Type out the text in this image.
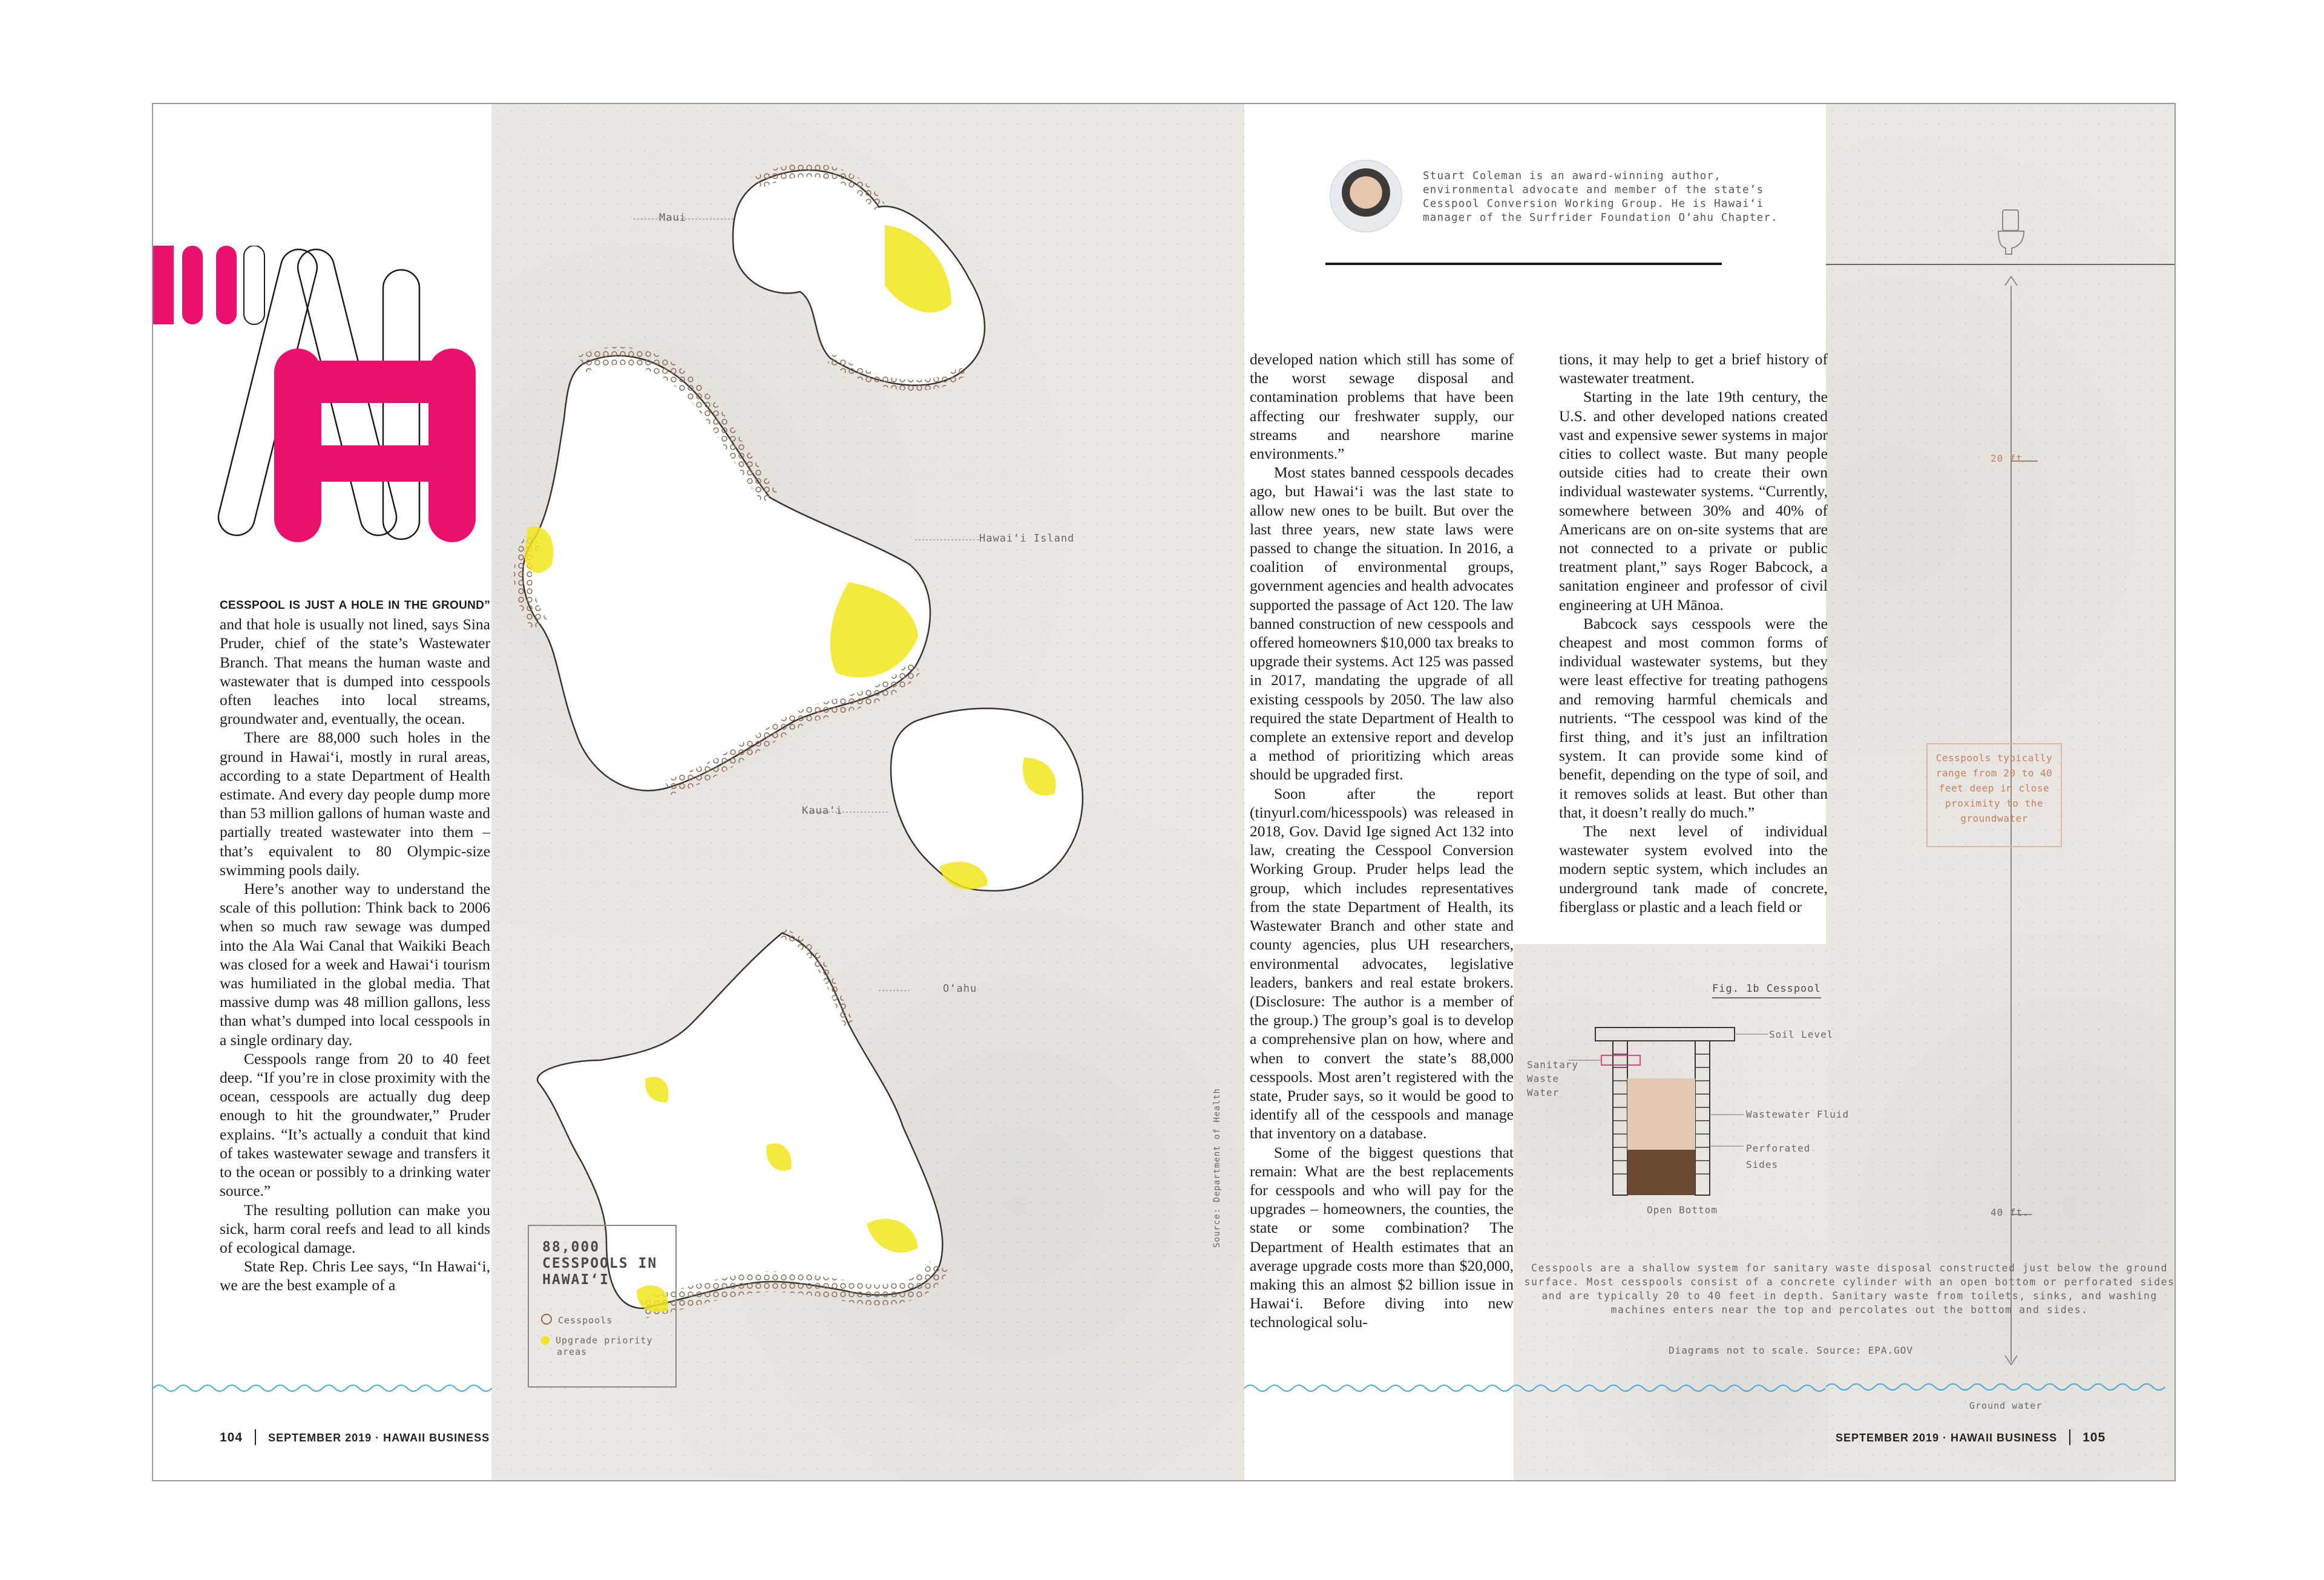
CESSPOOL IS JUST A HOLE IN THE GROUND” and that hole is usually not lined, says Sina Pruder, chief of the state’s Wastewater Branch. That means the human waste and wastewater that is dumped into cesspools often leaches into local streams, groundwater and, eventually, the ocean.

There are 88,000 such holes in the ground in Hawai‘i, mostly in rural areas, according to a state Department of Health estimate. And every day people dump more than 53 million gallons of human waste and partially treated wastewater into them – that’s equivalent to 80 Olympic-size swimming pools daily.

Here’s another way to understand the scale of this pollution: Think back to 2006 when so much raw sewage was dumped into the Ala Wai Canal that Waikiki Beach was closed for a week and Hawai‘i tourism was humiliated in the global media. That massive dump was 48 million gallons, less than what’s dumped into local cesspools in a single ordinary day.

Cesspools range from 20 to 40 feet deep. “If you’re in close proximity with the ocean, cesspools are actually dug deep enough to hit the groundwater,” Pruder explains. “It’s actually a conduit that kind of takes wastewater sewage and transfers it to the ocean or possibly to a drinking water source.”

The resulting pollution can make you sick, harm coral reefs and lead to all kinds of ecological damage.

State Rep. Chris Lee says, “In Hawai‘i, we are the best example of a

Maui
Hawai‘i Island
Kaua‘i
O‘ahu
Source: Department of Health
88,000 CESSPOOLS IN HAWAI‘I
Cesspools
Upgrade priority areas
Stuart Coleman is an award-winning author, environmental advocate and member of the state’s Cesspool Conversion Working Group. He is Hawai‘i manager of the Surfrider Foundation O‘ahu Chapter.

developed nation which still has some of the worst sewage disposal and contamination problems that have been affecting our freshwater supply, our streams and nearshore marine environments.”

Most states banned cesspools decades ago, but Hawai‘i was the last state to allow new ones to be built. But over the last three years, new state laws were passed to change the situation. In 2016, a coalition of environmental groups, government agencies and health advocates supported the passage of Act 120. The law banned construction of new cesspools and offered homeowners $10,000 tax breaks to upgrade their systems. Act 125 was passed in 2017, mandating the upgrade of all existing cesspools by 2050. The law also required the state Department of Health to complete an extensive report and develop a method of prioritizing which areas should be upgraded first.

Soon after the report (tinyurl.com/hicesspools) was released in 2018, Gov. David Ige signed Act 132 into law, creating the Cesspool Conversion Working Group. Pruder helps lead the group, which includes representatives from the state Department of Health, its Wastewater Branch and other state and county agencies, plus UH researchers, environmental advocates, legislative leaders, bankers and real estate brokers. (Disclosure: The author is a member of the group.) The group’s goal is to develop a comprehensive plan on how, where and when to convert the state’s 88,000 cesspools. Most aren’t registered with the state, Pruder says, so it would be good to identify all of the cesspools and manage that inventory on a database.

Some of the biggest questions that remain: What are the best replacements for cesspools and who will pay for the upgrades – homeowners, the counties, the state or some combination? The Department of Health estimates that an average upgrade costs more than $20,000, making this an almost $2 billion issue in Hawai‘i. Before diving into new technological solu-

tions, it may help to get a brief history of wastewater treatment.

Starting in the late 19th century, the U.S. and other developed nations created vast and expensive sewer systems in major cities to collect waste. But many people outside cities had to create their own individual wastewater systems. “Currently, somewhere between 30% and 40% of Americans are on on-site systems that are not connected to a private or public treatment plant,” says Roger Babcock, a sanitation engineer and professor of civil engineering at UH Mānoa.

Babcock says cesspools were the cheapest and most common forms of individual wastewater systems, but they were least effective for treating pathogens and removing harmful chemicals and nutrients. “The cesspool was kind of the first thing, and it’s just an infiltration system. It can provide some kind of benefit, depending on the type of soil, and it removes solids at least. But other than that, it doesn’t really do much.”

The next level of individual wastewater system evolved into the modern septic system, which includes an underground tank made of concrete, fiberglass or plastic and a leach field or

20 ft.
40 ft.
Cesspools typically range from 20 to 40 feet deep in close proximity to the groundwater
Ground water
Fig. 1b Cesspool
Soil Level
Sanitary Waste Water
Wastewater Fluid
Perforated Sides
Open Bottom
Cesspools are a shallow system for sanitary waste disposal constructed just below the ground surface. Most cesspools consist of a concrete cylinder with an open bottom or perforated sides and are typically 20 to 40 feet in depth. Sanitary waste from toilets, sinks, and washing machines enters near the top and percolates out the bottom and sides.
Diagrams not to scale. Source: EPA.GOV
104 SEPTEMBER 2019 · HAWAII BUSINESS	SEPTEMBER 2019 · HAWAII BUSINESS 105
